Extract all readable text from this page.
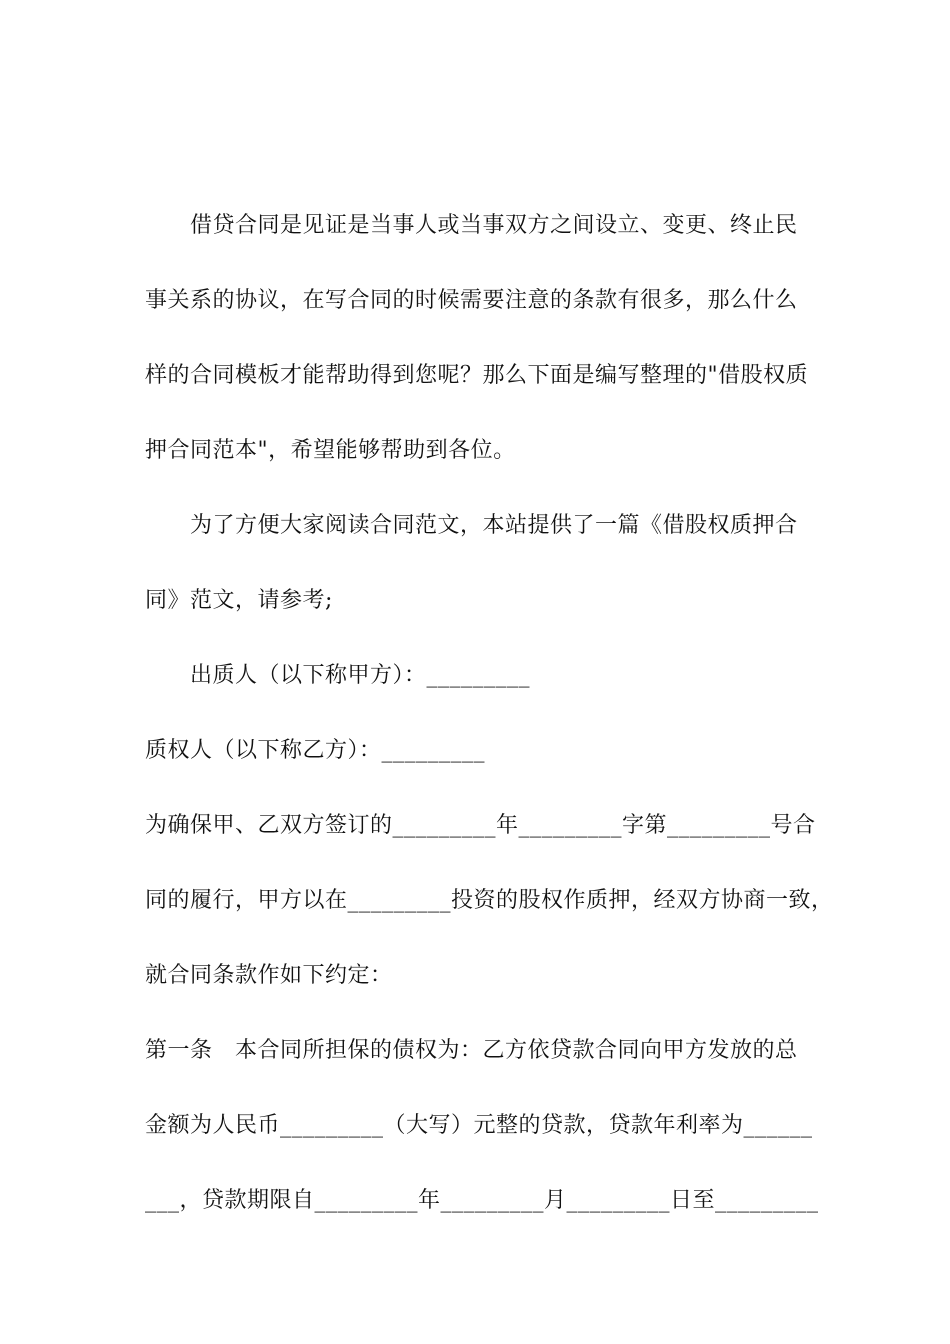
借贷合同是见证是当事人或当事双方之间设立、变更、终止民
事关系的协议，在写合同的时候需要注意的条款有很多，那么什么
样的合同模板才能帮助得到您呢？那么下面是编写整理的"借股权质
押合同范本"，希望能够帮助到各位。
为了方便大家阅读合同范文，本站提供了一篇《借股权质押合
同》范文，请参考;
出质人（以下称甲方）：_________
质权人（以下称乙方）：_________
为确保甲、乙双方签订的_________年_________字第_________号合
同的履行，甲方以在_________投资的股权作质押，经双方协商一致，
就合同条款作如下约定：
第一条　本合同所担保的债权为：乙方依贷款合同向甲方发放的总
金额为人民币_________（大写）元整的贷款，贷款年利率为______
___，贷款期限自_________年_________月_________日至_________
